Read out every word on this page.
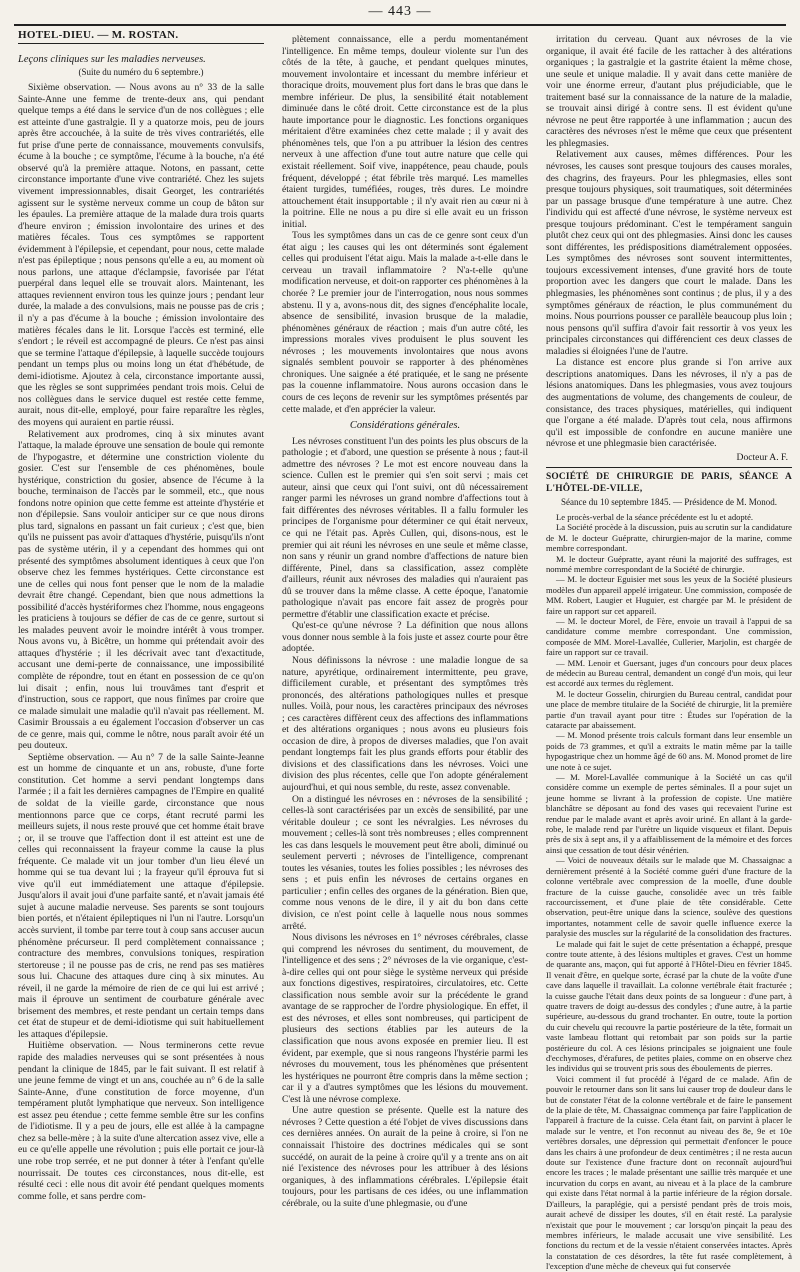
— 443 —
HOTEL-DIEU. — M. ROSTAN.
Leçons cliniques sur les maladies nerveuses.
(Suite du numéro du 6 septembre.)

Sixième observation. — Nous avons au n° 33 de la salle Sainte-Anne une femme de trente-deux ans, qui pendant quelque temps a été dans le service d'un de nos collègues ; elle est atteinte d'une gastralgie. Il y a quatorze mois, peu de jours après être accouchée, à la suite de très vives contrariétés, elle fut prise d'une perte de connaissance, mouvements convulsifs, écume à la bouche ; ce symptôme, l'écume à la bouche, n'a été observé qu'à la première attaque. Notons, en passant, cette circonstance importante d'une vive contrariété. Chez les sujets vivement impressionnables, disait Georget, les contrariétés agissent sur le système nerveux comme un coup de bâton sur les épaules. La première attaque de la malade dura trois quarts d'heure environ ; émission involontaire des urines et des matières fécales. Tous ces symptômes se rapportent évidemment à l'épilepsie, et cependant, pour nous, cette malade n'est pas épileptique ; nous pensons qu'elle a eu, au moment où nous parlons, une attaque d'éclampsie, favorisée par l'état puerpéral dans lequel elle se trouvait alors. Maintenant, les attaques reviennent environ tous les quinze jours ; pendant leur durée, la malade a des convulsions, mais ne pousse pas de cris ; il n'y a pas d'écume à la bouche ; émission involontaire des matières fécales dans le lit. Lorsque l'accès est terminé, elle s'endort ; le réveil est accompagné de pleurs. Ce n'est pas ainsi que se termine l'attaque d'épilepsie, à laquelle succède toujours pendant un temps plus ou moins long un état d'hébétude, de demi-idiotisme. Ajoutez à cela, circonstance importante aussi, que les règles se sont supprimées pendant trois mois. Celui de nos collègues dans le service duquel est restée cette femme, aurait, nous dit-elle, employé, pour faire reparaître les règles, des moyens qui auraient en partie réussi.

Relativement aux prodromes, cinq à six minutes avant l'attaque, la malade éprouve une sensation de boule qui remonte de l'hypogastre, et détermine une constriction violente du gosier. C'est sur l'ensemble de ces phénomènes, boule hystérique, constriction du gosier, absence de l'écume à la bouche, terminaison de l'accès par le sommeil, etc., que nous fondons notre opinion que cette femme est atteinte d'hystérie et non d'épilepsie. Sans vouloir anticiper sur ce que nous dirons plus tard, signalons en passant un fait curieux ; c'est que, bien qu'ils ne puissent pas avoir d'attaques d'hystérie, puisqu'ils n'ont pas de système utérin, il y a cependant des hommes qui ont présenté des symptômes absolument identiques à ceux que l'on observe chez les femmes hystériques. Cette circonstance est une de celles qui nous font penser que le nom de la maladie devrait être changé. Cependant, bien que nous admettions la possibilité d'accès hystériformes chez l'homme, nous engageons les praticiens à toujours se défier de cas de ce genre, surtout si les malades peuvent avoir le moindre intérêt à vous tromper. Nous avons vu, à Bicêtre, un homme qui prétendait avoir des attaques d'hystérie ; il les décrivait avec tant d'exactitude, accusant une demi-perte de connaissance, une impossibilité complète de répondre, tout en étant en possession de ce qu'on lui disait ; enfin, nous lui trouvâmes tant d'esprit et d'instruction, sous ce rapport, que nous finîmes par croire que ce malade simulait une maladie qu'il n'avait pas réellement. M. Casimir Broussais a eu également l'occasion d'observer un cas de ce genre, mais qui, comme le nôtre, nous paraît avoir été un peu douteux.

Septième observation. — Au n° 7 de la salle Sainte-Jeanne est un homme de cinquante et un ans, robuste, d'une forte constitution. Cet homme a servi pendant longtemps dans l'armée ; il a fait les dernières campagnes de l'Empire en qualité de soldat de la vieille garde, circonstance que nous mentionnons parce que ce corps, étant recruté parmi les meilleurs sujets, il nous reste prouvé que cet homme était brave ; or, il se trouve que l'affection dont il est atteint est une de celles qui reconnaissent la frayeur comme la cause la plus fréquente. Ce malade vit un jour tomber d'un lieu élevé un homme qui se tua devant lui ; la frayeur qu'il éprouva fut si vive qu'il eut immédiatement une attaque d'épilepsie. Jusqu'alors il avait joui d'une parfaite santé, et n'avait jamais été sujet à aucune maladie nerveuse. Ses parents se sont toujours bien portés, et n'étaient épileptiques ni l'un ni l'autre. Lorsqu'un accès survient, il tombe par terre tout à coup sans accuser aucun phénomène précurseur. Il perd complètement connaissance ; contracture des membres, convulsions toniques, respiration stertoreuse ; il ne pousse pas de cris, ne rend pas ses matières sous lui. Chacune des attaques dure cinq à six minutes. Au réveil, il ne garde la mémoire de rien de ce qui lui est arrivé ; mais il éprouve un sentiment de courbature générale avec brisement des membres, et reste pendant un certain temps dans cet état de stupeur et de demi-idiotisme qui suit habituellement les attaques d'épilepsie.

Huitième observation. — Nous terminerons cette revue rapide des maladies nerveuses qui se sont présentées à nous pendant la clinique de 1845, par le fait suivant. Il est relatif à une jeune femme de vingt et un ans, couchée au n° 6 de la salle Sainte-Anne, d'une constitution de force moyenne, d'un tempérament plutôt lymphatique que nerveux. Son intelligence est assez peu étendue ; cette femme semble être sur les confins de l'idiotisme. Il y a peu de jours, elle est allée à la campagne chez sa belle-mère ; à la suite d'une altercation assez vive, elle a eu ce qu'elle appelle une révolution ; puis elle portait ce jour-là une robe trop serrée, et ne put donner à téter à l'enfant qu'elle nourrissait. De toutes ces circonstances, nous dit-elle, est résulté ceci : elle nous dit avoir été pendant quelques moments comme folle, et sans perdre com-

plètement connaissance, elle a perdu momentanément l'intelligence. En même temps, douleur violente sur l'un des côtés de la tête, à gauche, et pendant quelques minutes, mouvement involontaire et incessant du membre inférieur et thoracique droits, mouvement plus fort dans le bras que dans le membre inférieur. De plus, la sensibilité était notablement diminuée dans le côté droit. Cette circonstance est de la plus haute importance pour le diagnostic. Les fonctions organiques méritaient d'être examinées chez cette malade ; il y avait des phénomènes tels, que l'on a pu attribuer la lésion des centres nerveux à une affection d'une tout autre nature que celle qui existait réellement. Soif vive, inappétence, peau chaude, pouls fréquent, développé ; état fébrile très marqué. Les mamelles étaient turgides, tuméfiées, rouges, très dures. Le moindre attouchement était insupportable ; il n'y avait rien au cœur ni à la poitrine. Elle ne nous a pu dire si elle avait eu un frisson initial.

Tous les symptômes dans un cas de ce genre sont ceux d'un état aigu ; les causes qui les ont déterminés sont également celles qui produisent l'état aigu. Mais la malade a-t-elle dans le cerveau un travail inflammatoire ? N'a-t-elle qu'une modification nerveuse, et doit-on rapporter ces phénomènes à la chorée ? Le premier jour de l'interrogation, nous nous sommes abstenu. Il y a, avons-nous dit, des signes d'encéphalite locale, absence de sensibilité, invasion brusque de la maladie, phénomènes généraux de réaction ; mais d'un autre côté, les impressions morales vives produisent le plus souvent les névroses ; les mouvements involontaires que nous avons signalés semblent pouvoir se rapporter à des phénomènes chroniques. Une saignée a été pratiquée, et le sang ne présente pas la couenne inflammatoire. Nous aurons occasion dans le cours de ces leçons de revenir sur les symptômes présentés par cette malade, et d'en apprécier la valeur.

Considérations générales.

Les névroses constituent l'un des points les plus obscurs de la pathologie ; et d'abord, une question se présente à nous ; faut-il admettre des névroses ? Le mot est encore nouveau dans la science. Cullen est le premier qui s'en soit servi ; mais cet auteur, ainsi que ceux qui l'ont suivi, ont dû nécessairement ranger parmi les névroses un grand nombre d'affections tout à fait différentes des névroses véritables. Il a fallu formuler les principes de l'organisme pour déterminer ce qui était nerveux, ce qui ne l'était pas. Après Cullen, qui, disons-nous, est le premier qui ait réuni les névroses en une seule et même classe, non sans y réunir un grand nombre d'affections de nature bien différente, Pinel, dans sa classification, assez complète d'ailleurs, réunit aux névroses des maladies qui n'auraient pas dû se trouver dans la même classe. A cette époque, l'anatomie pathologique n'avait pas encore fait assez de progrès pour permettre d'établir une classification exacte et précise.

Qu'est-ce qu'une névrose ? La définition que nous allons vous donner nous semble à la fois juste et assez courte pour être adoptée.

Nous définissons la névrose : une maladie longue de sa nature, apyrétique, ordinairement intermittente, peu grave, difficilement curable, et présentant des symptômes très prononcés, des altérations pathologiques nulles et presque nulles. Voilà, pour nous, les caractères principaux des névroses ; ces caractères diffèrent ceux des affections des inflammations et des altérations organiques ; nous avons eu plusieurs fois occasion de dire, à propos de diverses maladies, que l'on avait pendant longtemps fait les plus grands efforts pour établir des divisions et des classifications dans les névroses. Voici une division des plus récentes, celle que l'on adopte généralement aujourd'hui, et qui nous semble, du reste, assez convenable.

On a distingué les névroses en : névroses de la sensibilité ; celles-là sont caractérisées par un excès de sensibilité, par une véritable douleur ; ce sont les névralgies. Les névroses du mouvement ; celles-là sont très nombreuses ; elles comprennent les cas dans lesquels le mouvement peut être aboli, diminué ou seulement perverti ; névroses de l'intelligence, comprenant toutes les vésanies, toutes les folies possibles ; les névroses des sens ; et puis enfin les névroses de certains organes en particulier ; enfin celles des organes de la génération. Bien que, comme nous venons de le dire, il y ait du bon dans cette division, ce n'est point celle à laquelle nous nous sommes arrêté.

Nous divisons les névroses en 1° névroses cérébrales, classe qui comprend les névroses du sentiment, du mouvement, de l'intelligence et des sens ; 2° névroses de la vie organique, c'est-à-dire celles qui ont pour siège le système nerveux qui préside aux fonctions digestives, respiratoires, circulatoires, etc. Cette classification nous semble avoir sur la précédente le grand avantage de se rapprocher de l'ordre physiologique. En effet, il est des névroses, et elles sont nombreuses, qui participent de plusieurs des sections établies par les auteurs de la classification que nous avons exposée en premier lieu. Il est évident, par exemple, que si nous rangeons l'hystérie parmi les névroses du mouvement, tous les phénomènes que présentent les hystériques ne pourront être compris dans la même section ; car il y a d'autres symptômes que les lésions du mouvement. C'est là une névrose complexe.

Une autre question se présente. Quelle est la nature des névroses ? Cette question a été l'objet de vives discussions dans ces dernières années. On aurait de la peine à croire, si l'on ne connaissait l'histoire des doctrines médicales qui se sont succédé, on aurait de la peine à croire qu'il y a trente ans on ait nié l'existence des névroses pour les attribuer à des lésions organiques, à des inflammations cérébrales. L'épilepsie était toujours, pour les partisans de ces idées, ou une inflammation cérébrale, ou la suite d'une phlegmasie, ou d'une

irritation du cerveau. Quant aux névroses de la vie organique, il avait été facile de les rattacher à des altérations organiques ; la gastralgie et la gastrite étaient la même chose, une seule et unique maladie. Il y avait dans cette manière de voir une énorme erreur, d'autant plus préjudiciable, que le traitement basé sur la connaissance de la nature de la maladie, se trouvait ainsi dirigé à contre sens. Il est évident qu'une névrose ne peut être rapportée à une inflammation ; aucun des caractères des névroses n'est le même que ceux que présentent les phlegmasies.

Relativement aux causes, mêmes différences. Pour les névroses, les causes sont presque toujours des causes morales, des chagrins, des frayeurs. Pour les phlegmasies, elles sont presque toujours physiques, soit traumatiques, soit déterminées par un passage brusque d'une température à une autre. Chez l'individu qui est affecté d'une névrose, le système nerveux est presque toujours prédominant. C'est le tempérament sanguin plutôt chez ceux qui ont des phlegmasies. Ainsi donc les causes sont différentes, les prédispositions diamétralement opposées. Les symptômes des névroses sont souvent intermittentes, toujours excessivement intenses, d'une gravité hors de toute proportion avec les dangers que court le malade. Dans les phlegmasies, les phénomènes sont continus ; de plus, il y a des symptômes généraux de réaction, le plus communément du moins. Nous pourrions pousser ce parallèle beaucoup plus loin ; nous pensons qu'il suffira d'avoir fait ressortir à vos yeux les principales circonstances qui différencient ces deux classes de maladies si éloignées l'une de l'autre.

La distance est encore plus grande si l'on arrive aux descriptions anatomiques. Dans les névroses, il n'y a pas de lésions anatomiques. Dans les phlegmasies, vous avez toujours des augmentations de volume, des changements de couleur, de consistance, des traces physiques, matérielles, qui indiquent que l'organe a été malade. D'après tout cela, nous affirmons qu'il est impossible de confondre en aucune manière une névrose et une phlegmasie bien caractérisée.

Docteur A. F.
SOCIÉTÉ DE CHIRURGIE DE PARIS, SÉANCE A L'HÔTEL-DE-VILLE,
Séance du 10 septembre 1845. — Présidence de M. Monod.

Le procès-verbal de la séance précédente est lu et adopté.

La Société procède à la discussion, puis au scrutin sur la candidature de M. le docteur Guépratte, chirurgien-major de la marine, comme membre correspondant.

M. le docteur Guépratte, ayant réuni la majorité des suffrages, est nommé membre correspondant de la Société de chirurgie.

— M. le docteur Eguisier met sous les yeux de la Société plusieurs modèles d'un appareil appelé irrigateur. Une commission, composée de MM. Robert, Laugier et Huguier, est chargée par M. le président de faire un rapport sur cet appareil.

— M. le docteur Morel, de Fère, envoie un travail à l'appui de sa candidature comme membre correspondant. Une commission, composée de MM. Morel-Lavallée, Cullerier, Marjolin, est chargée de faire un rapport sur ce travail.

— MM. Lenoir et Guersant, juges d'un concours pour deux places de médecin au Bureau central, demandent un congé d'un mois, qui leur est accordé aux termes du règlement.

M. le docteur Gosselin, chirurgien du Bureau central, candidat pour une place de membre titulaire de la Société de chirurgie, lit la première partie d'un travail ayant pour titre : Études sur l'opération de la cataracte par abaissement.

— M. Monod présente trois calculs formant dans leur ensemble un poids de 73 grammes, et qu'il a extraits le matin même par la taille hypogastrique chez un homme âgé de 60 ans. M. Monod promet de lire une note à ce sujet.

— M. Morel-Lavallée communique à la Société un cas qu'il considère comme un exemple de pertes séminales. Il a pour sujet un jeune homme se livrant à la profession de copiste. Une matière blanchâtre se déposant au fond des vases qui recevaient l'urine est rendue par le malade avant et après avoir uriné. En allant à la garde-robe, le malade rend par l'urètre un liquide visqueux et filant. Depuis près de six à sept ans, il y a affaiblissement de la mémoire et des forces ainsi que cessation de tout désir vénérien.

— Voici de nouveaux détails sur le malade que M. Chassaignac a dernièrement présenté à la Société comme guéri d'une fracture de la colonne vertébrale avec compression de la moelle, d'une double fracture de la cuisse gauche, consolidée avec un très faible raccourcissement, et d'une plaie de tête considérable. Cette observation, peut-être unique dans la science, soulève des questions importantes, notamment celle de savoir quelle influence exerce la paralysie des muscles sur la régularité de la consolidation des fractures.

Le malade qui fait le sujet de cette présentation a échappé, presque contre toute attente, à des lésions multiples et graves. C'est un homme de quarante ans, maçon, qui fut apporté à l'Hôtel-Dieu en février 1845. Il venait d'être, en quelque sorte, écrasé par la chute de la voûte d'une cave dans laquelle il travaillait. La colonne vertébrale était fracturée ; la cuisse gauche l'était dans deux points de sa longueur : d'une part, à quatre travers de doigt au-dessus des condyles ; d'une autre, à la partie supérieure, au-dessous du grand trochanter. En outre, toute la portion du cuir chevelu qui recouvre la partie postérieure de la tête, formait un vaste lambeau flottant qui retombait par son poids sur la partie postérieure du col. A ces lésions principales se joignaient une foule d'ecchymoses, d'érafures, de petites plaies, comme on en observe chez les individus qui se trouvent pris sous des éboulements de pierres.

Voici comment il fut procédé à l'égard de ce malade. Afin de pouvoir le retourner dans son lit sans lui causer trop de douleur dans le but de constater l'état de la colonne vertébrale et de faire le pansement de la plaie de tête, M. Chassaignac commença par faire l'application de l'appareil à fracture de la cuisse. Cela étant fait, on parvint à placer le malade sur le ventre, et l'on reconnut au niveau des 8e, 9e et 10e vertèbres dorsales, une dépression qui permettait d'enfoncer le pouce dans les chairs à une profondeur de deux centimètres ; il ne resta aucun doute sur l'existence d'une fracture dont on reconnaît aujourd'hui encore les traces ; le malade présentant une saillie très marquée et une incurvation du corps en avant, au niveau et à la place de la cambrure qui existe dans l'état normal à la partie inférieure de la région dorsale. D'ailleurs, la paraplégie, qui a persisté pendant près de trois mois, aurait achevé de dissiper les doutes, s'il en était resté. La paralysie n'existait que pour le mouvement ; car lorsqu'on pinçait la peau des membres inférieurs, le malade accusait une vive sensibilité. Les fonctions du rectum et de la vessie n'étaient conservées intactes. Après la constatation de ces désordres, la tête fut rasée complètement, à l'exception d'une mèche de cheveux qui fut conservée
